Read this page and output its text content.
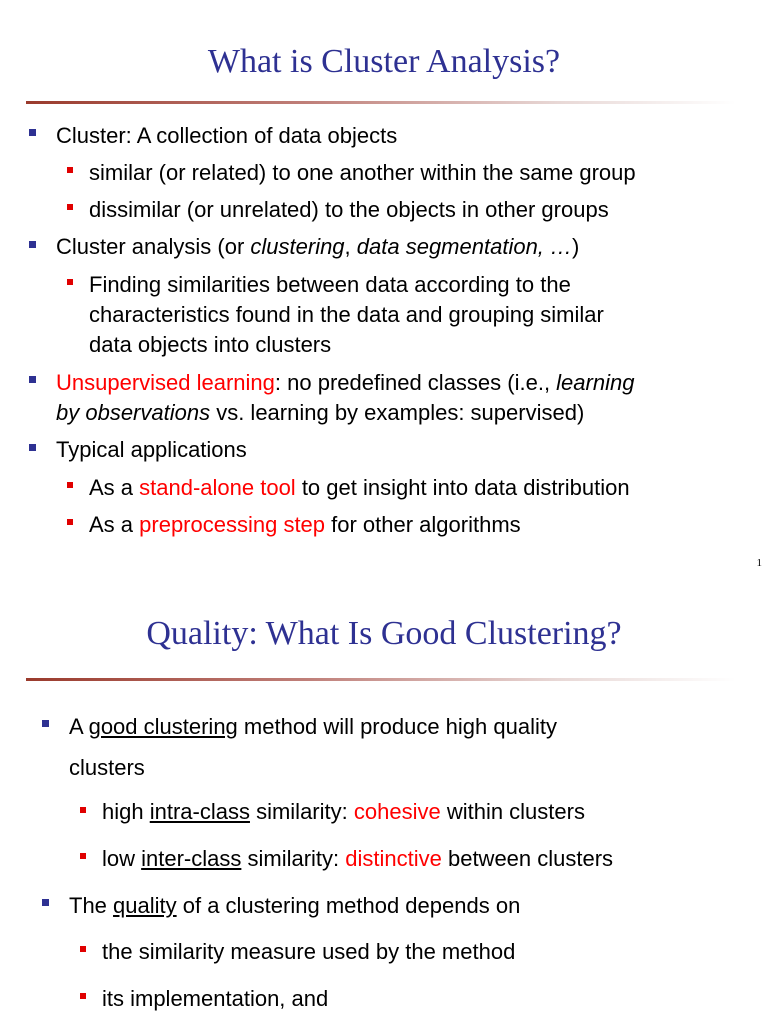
What is Cluster Analysis?
Cluster: A collection of data objects
similar (or related) to one another within the same group
dissimilar (or unrelated) to the objects in other groups
Cluster analysis (or clustering, data segmentation, …)
Finding similarities between data according to the
characteristics found in the data and grouping similar
data objects into clusters
Unsupervised learning: no predefined classes (i.e., learning
by observations vs. learning by examples: supervised)
Typical applications
As a stand-alone tool to get insight into data distribution
As a preprocessing step for other algorithms
1
Quality: What Is Good Clustering?
A good clustering method will produce high quality
clusters
high intra-class similarity: cohesive within clusters
low inter-class similarity: distinctive between clusters
The quality of a clustering method depends on
the similarity measure used by the method
its implementation, and
